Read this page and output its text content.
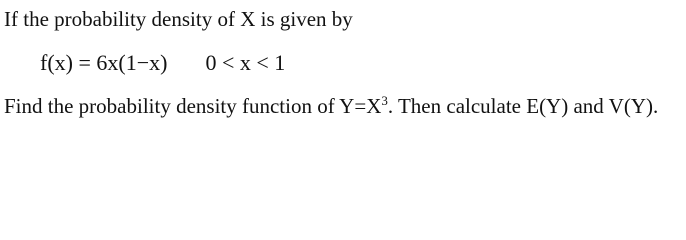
If the probability density of X is given by
f(x) = 6x(1−x) 0 < x < 1
Find the probability density function of $Y=X^3$. Then calculate E(Y) and V(Y).
